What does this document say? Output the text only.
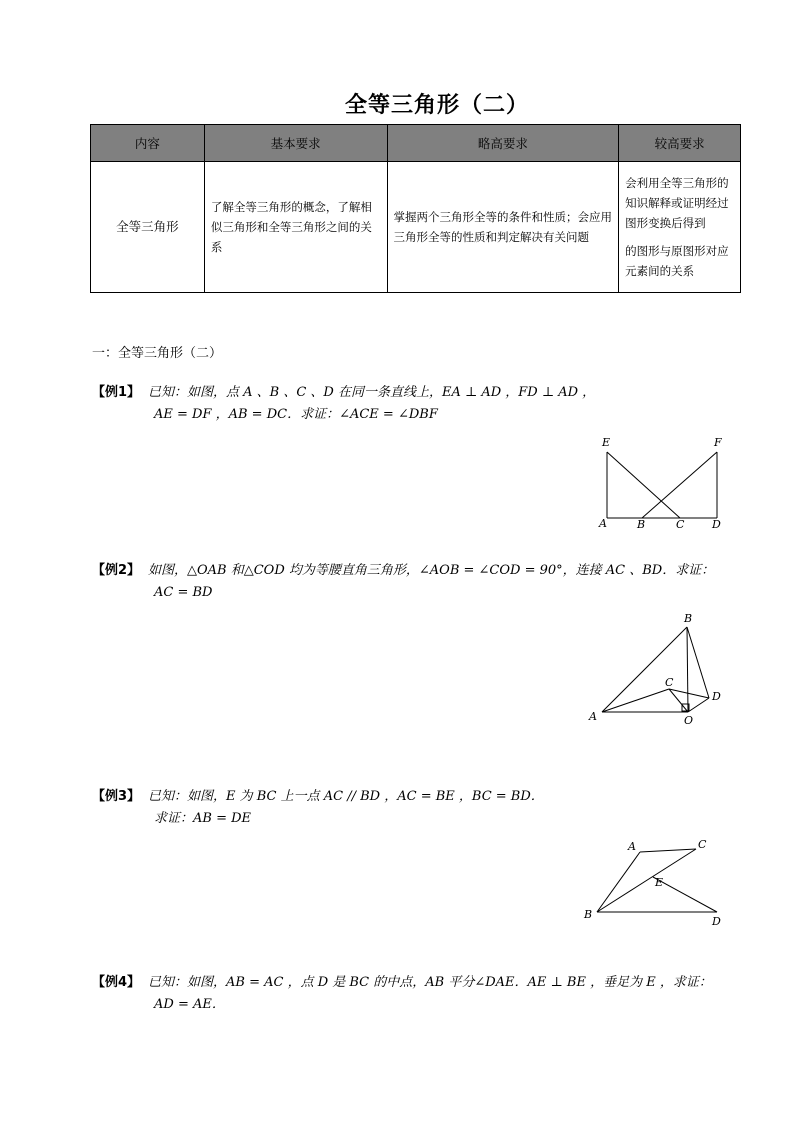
全等三角形（二）
内容	基本要求	略高要求	较高要求
全等三角形	了解全等三角形的概念，了解相似三角形和全等三角形之间的关系	掌握两个三角形全等的条件和性质；会应用三角形全等的性质和判定解决有关问题	会利用全等三角形的知识解释或证明经过图形变换后得到

的图形与原图形对应元素间的关系

一：全等三角形（二）
【例1】 已知：如图，点 A 、B 、C 、D 在同一条直线上，EA ⊥ AD ，FD ⊥ AD ，
AE = DF ，AB = DC．求证：∠ACE = ∠DBF
E	F
A	B	C	D
【例2】 如图，△OAB 和△COD 均为等腰直角三角形，∠AOB = ∠COD = 90°，连接 AC 、BD．求证：
AC = BD
B
C
D
A	O
【例3】 已知：如图，E 为 BC 上一点 AC // BD ，AC = BE ，BC = BD．
求证：AB = DE
A	C
E
B
D
【例4】 已知：如图，AB = AC ，点 D 是 BC 的中点，AB 平分∠DAE．AE ⊥ BE ，垂足为 E ，求证：
AD = AE．
